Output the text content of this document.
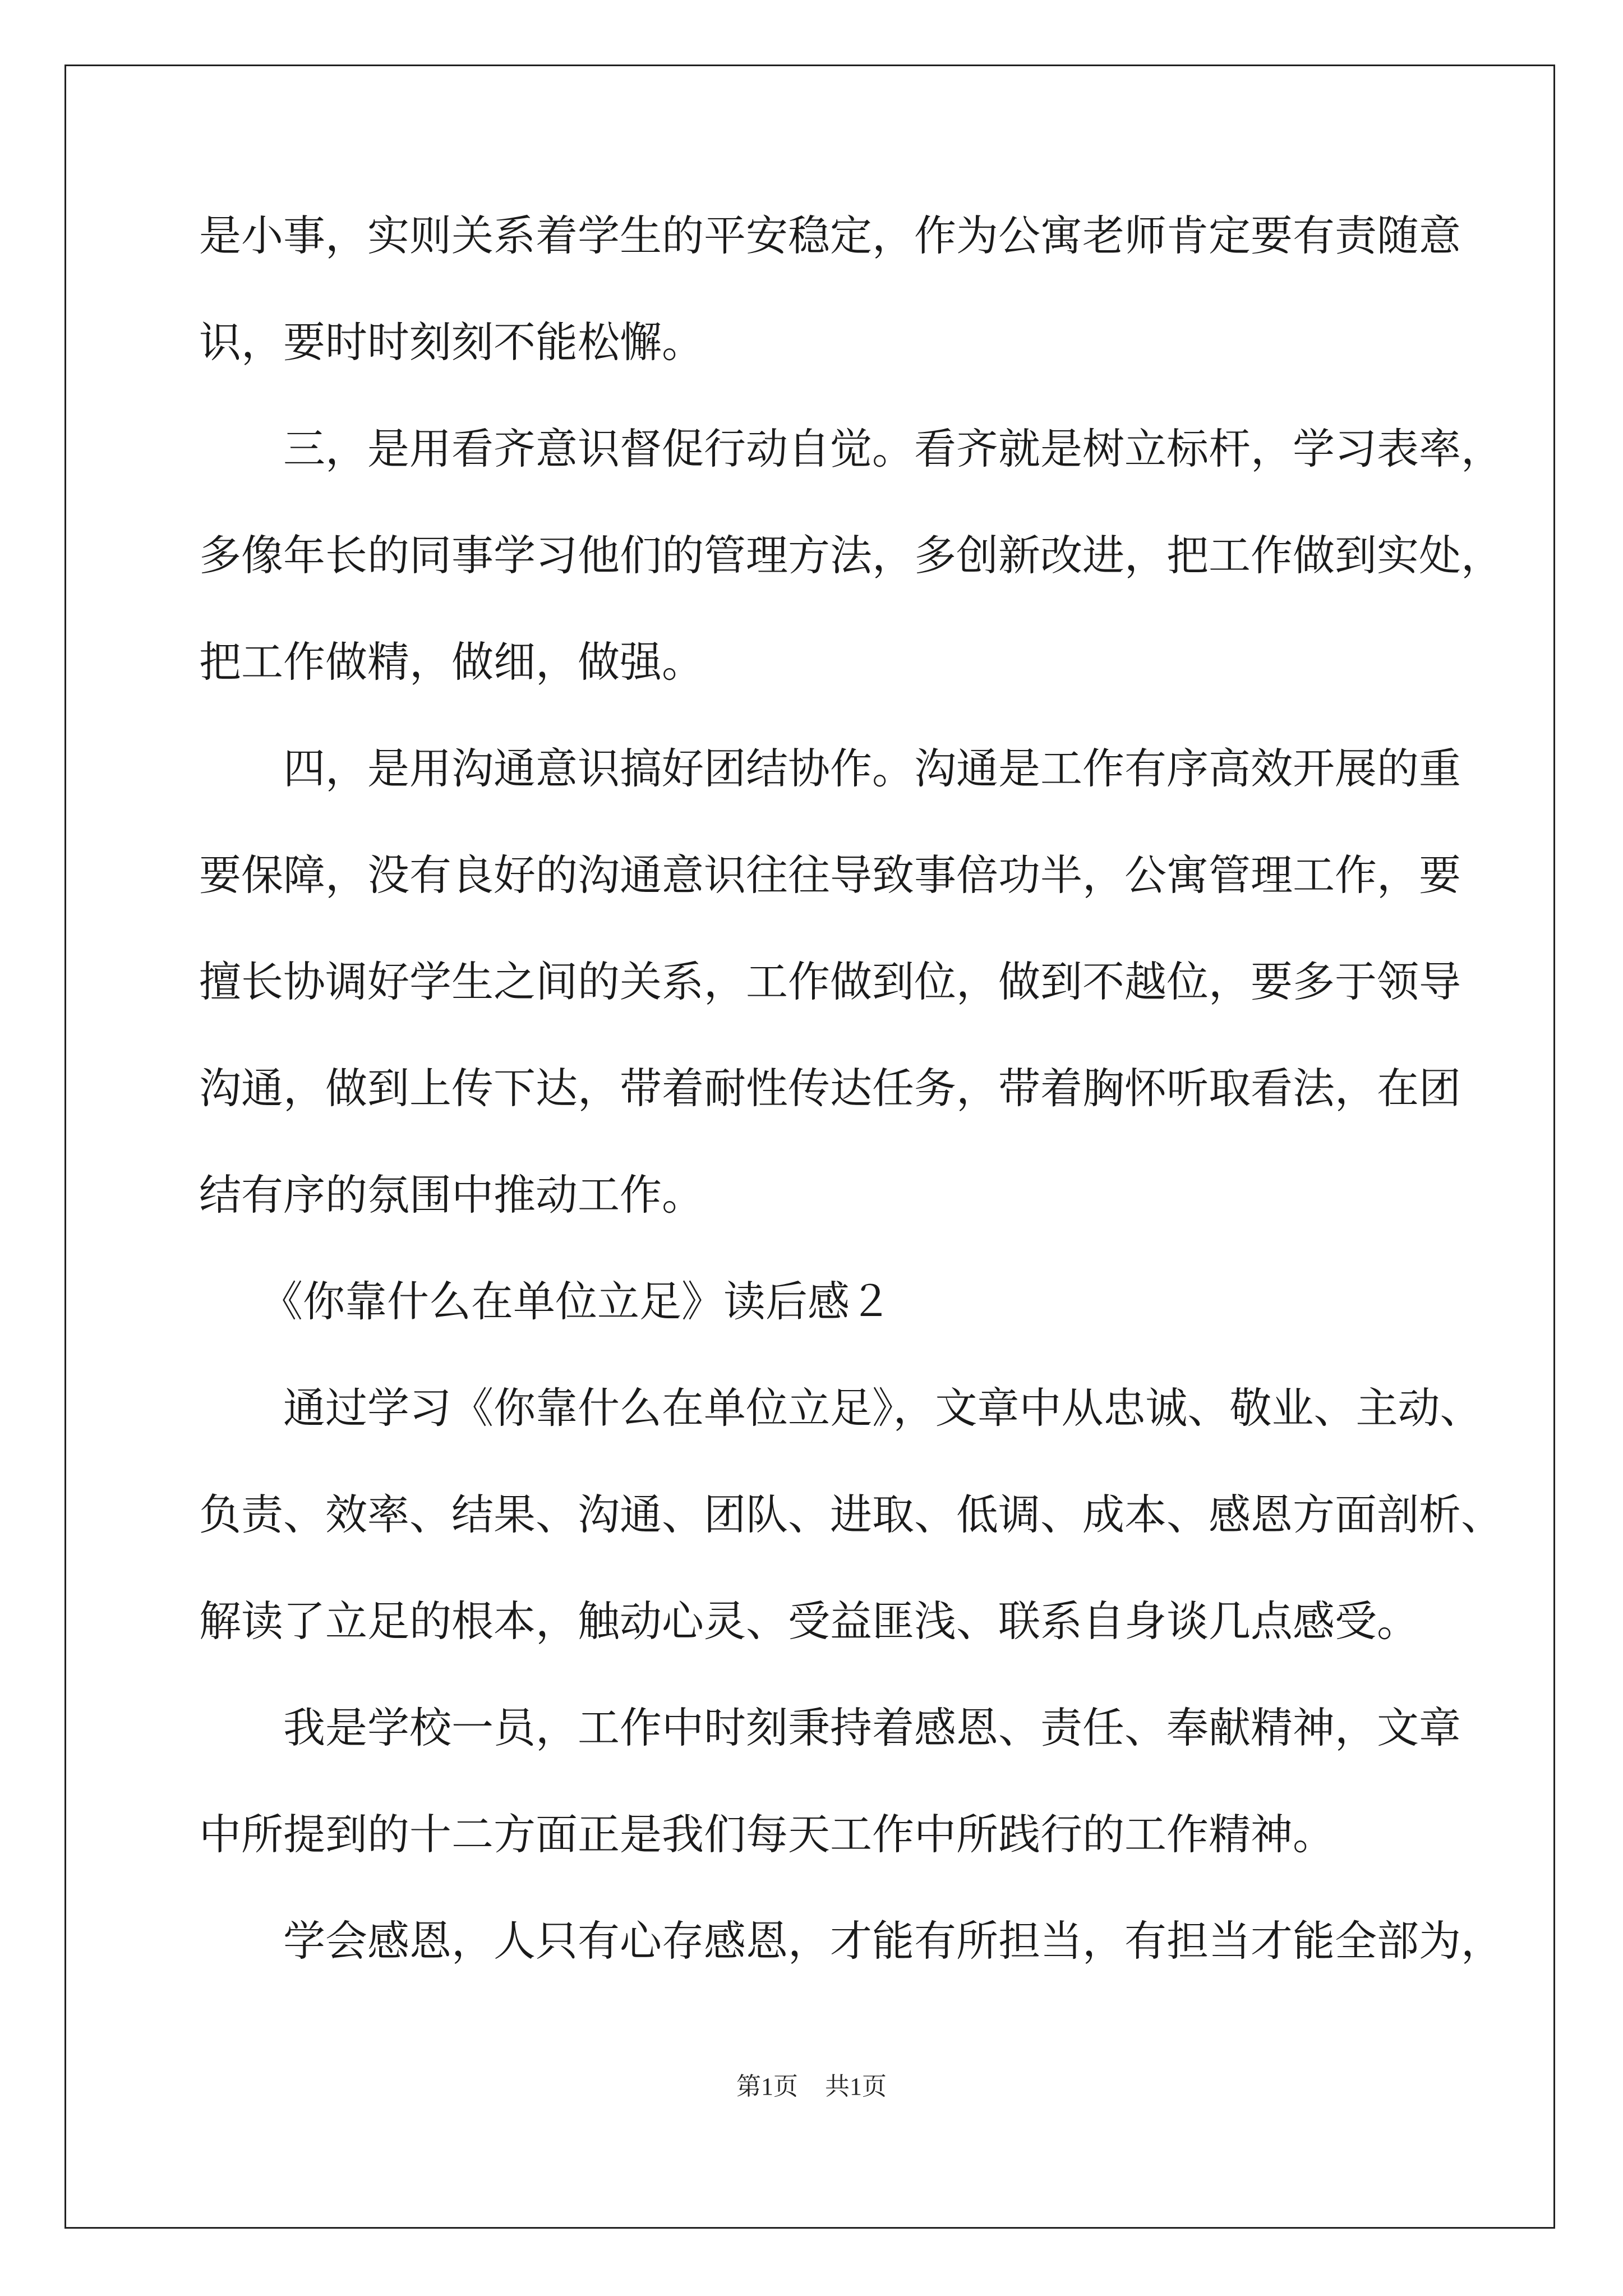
是小事，实则关系着学生的平安稳定，作为公寓老师肯定要有责随意
识，要时时刻刻不能松懈。
三，是用看齐意识督促行动自觉。看齐就是树立标杆，学习表率，
多像年长的同事学习他们的管理方法，多创新改进，把工作做到实处，
把工作做精，做细，做强。
四，是用沟通意识搞好团结协作。沟通是工作有序高效开展的重
要保障，没有良好的沟通意识往往导致事倍功半，公寓管理工作，要
擅长协调好学生之间的关系，工作做到位，做到不越位，要多于领导
沟通，做到上传下达，带着耐性传达任务，带着胸怀听取看法，在团
结有序的氛围中推动工作。
《你靠什么在单位立足》读后感２
通过学习《你靠什么在单位立足》，文章中从忠诚、敬业、主动、
负责、效率、结果、沟通、团队、进取、低调、成本、感恩方面剖析、
解读了立足的根本，触动心灵、受益匪浅、联系自身谈几点感受。
我是学校一员，工作中时刻秉持着感恩、责任、奉献精神，文章
中所提到的十二方面正是我们每天工作中所践行的工作精神。
学会感恩，人只有心存感恩，才能有所担当，有担当才能全部为，
第1页 共1页
